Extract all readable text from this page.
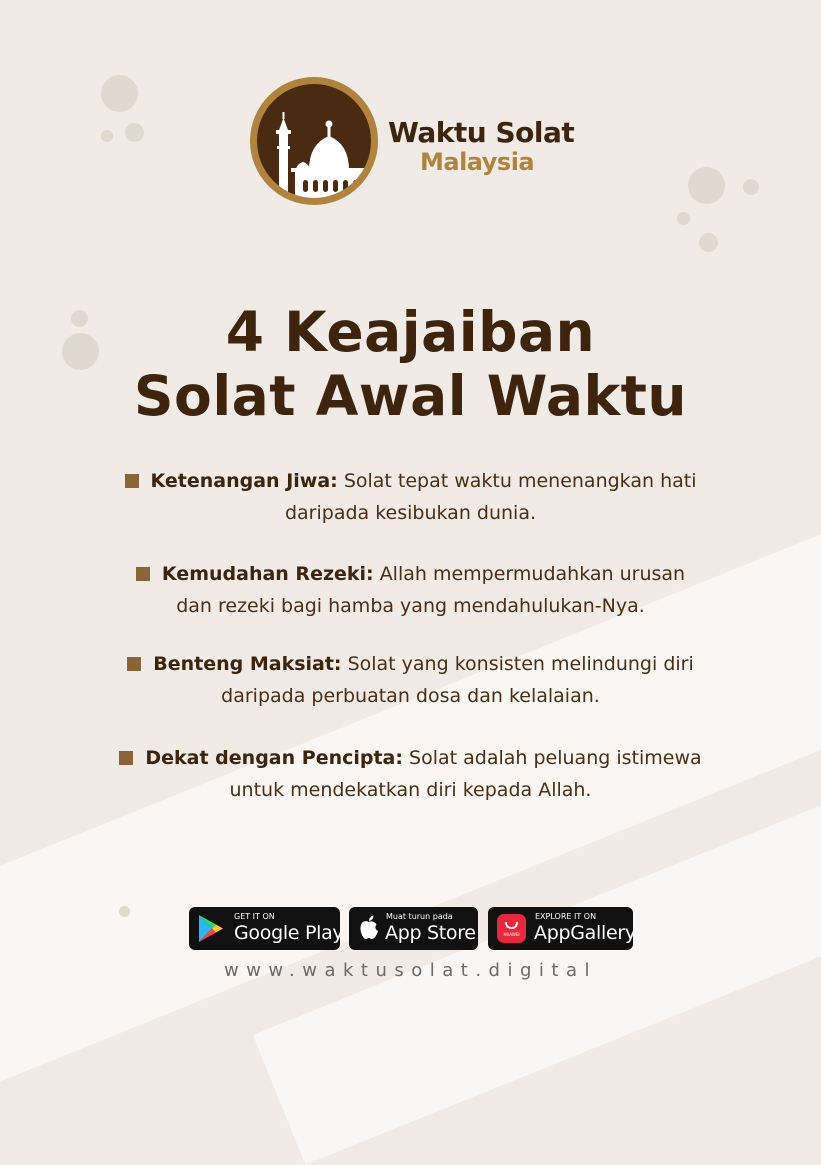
Waktu Solat
Malaysia
4 Keajaiban
Solat Awal Waktu
Ketenangan Jiwa: Solat tepat waktu menenangkan hati
daripada kesibukan dunia.
Kemudahan Rezeki: Allah mempermudahkan urusan
dan rezeki bagi hamba yang mendahulukan-Nya.
Benteng Maksiat: Solat yang konsisten melindungi diri
daripada perbuatan dosa dan kelalaian.
Dekat dengan Pencipta: Solat adalah peluang istimewa
untuk mendekatkan diri kepada Allah.
GET IT ON
Google Play
Muat turun pada
App Store	HUAWEI
EXPLORE IT ON
AppGallery
www.waktusolat.digital
